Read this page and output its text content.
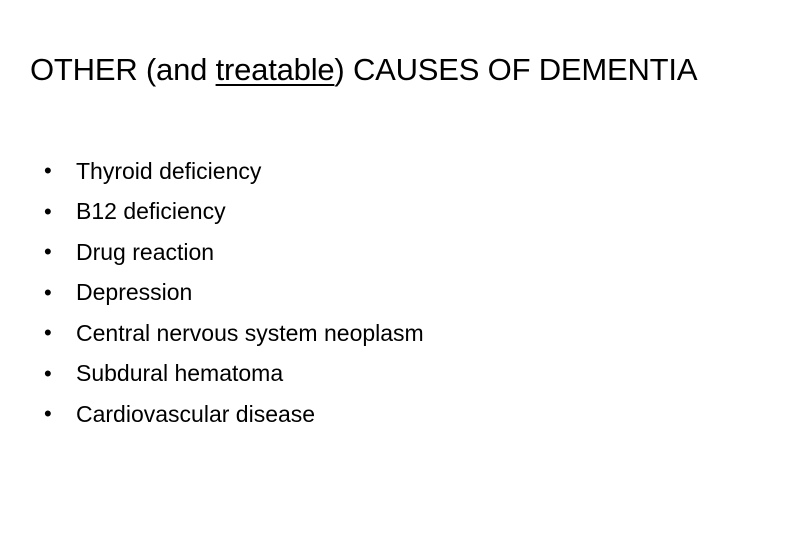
OTHER (and treatable) CAUSES OF DEMENTIA
•	Thyroid deficiency
•	B12 deficiency
•	Drug reaction
•	Depression
•	Central nervous system neoplasm
•	Subdural hematoma
•	Cardiovascular disease
